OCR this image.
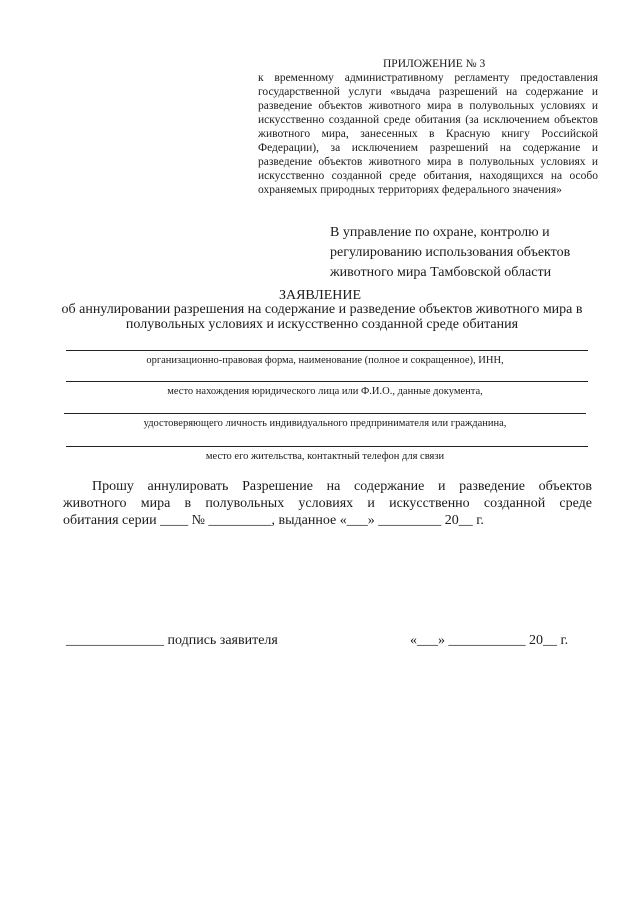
ПРИЛОЖЕНИЕ № 3
к временному административному регламенту предоставления государственной услуги «выдача разрешений на содержание и разведение объектов животного мира в полувольных условиях и искусственно созданной среде обитания (за исключением объектов животного мира, занесенных в Красную книгу Российской Федерации), за исключением разрешений на содержание и разведение объектов животного мира в полувольных условиях и искусственно созданной среде обитания, находящихся на особо охраняемых природных территориях федерального значения»
В управление по охране, контролю и
регулированию использования объектов
животного мира Тамбовской области
ЗАЯВЛЕНИЕ
об аннулировании разрешения на содержание и разведение объектов животного мира в полувольных условиях и искусственно созданной среде обитания
организационно-правовая форма, наименование (полное и сокращенное), ИНН,
место нахождения юридического лица или Ф.И.О., данные документа,
удостоверяющего личность индивидуального предпринимателя или гражданина,
место его жительства, контактный телефон для связи
Прошу аннулировать Разрешение на содержание и разведение объектов
животного мира в полувольных условиях и искусственно созданной среде
обитания серии ____ № _________, выданное «___» _________ 20__ г.
______________ подпись заявителя	«___» ___________ 20__ г.
